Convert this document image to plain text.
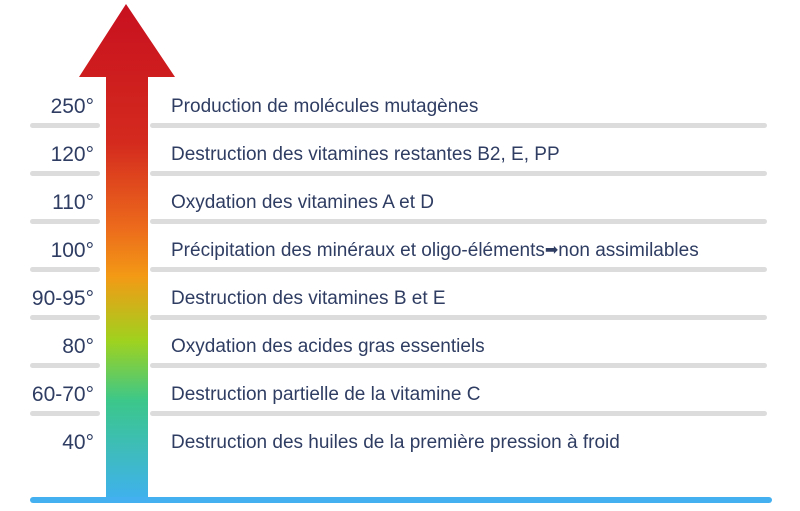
250°	Production de molécules mutagènes
120°	Destruction des vitamines restantes B2, E, PP
110°	Oxydation des vitamines A et D
100°	Précipitation des minéraux et oligo-éléments➡non assimilables
90-95°	Destruction des vitamines B et E
80°	Oxydation des acides gras essentiels
60-70°	Destruction partielle de la vitamine C
40°	Destruction des huiles de la première pression à froid
